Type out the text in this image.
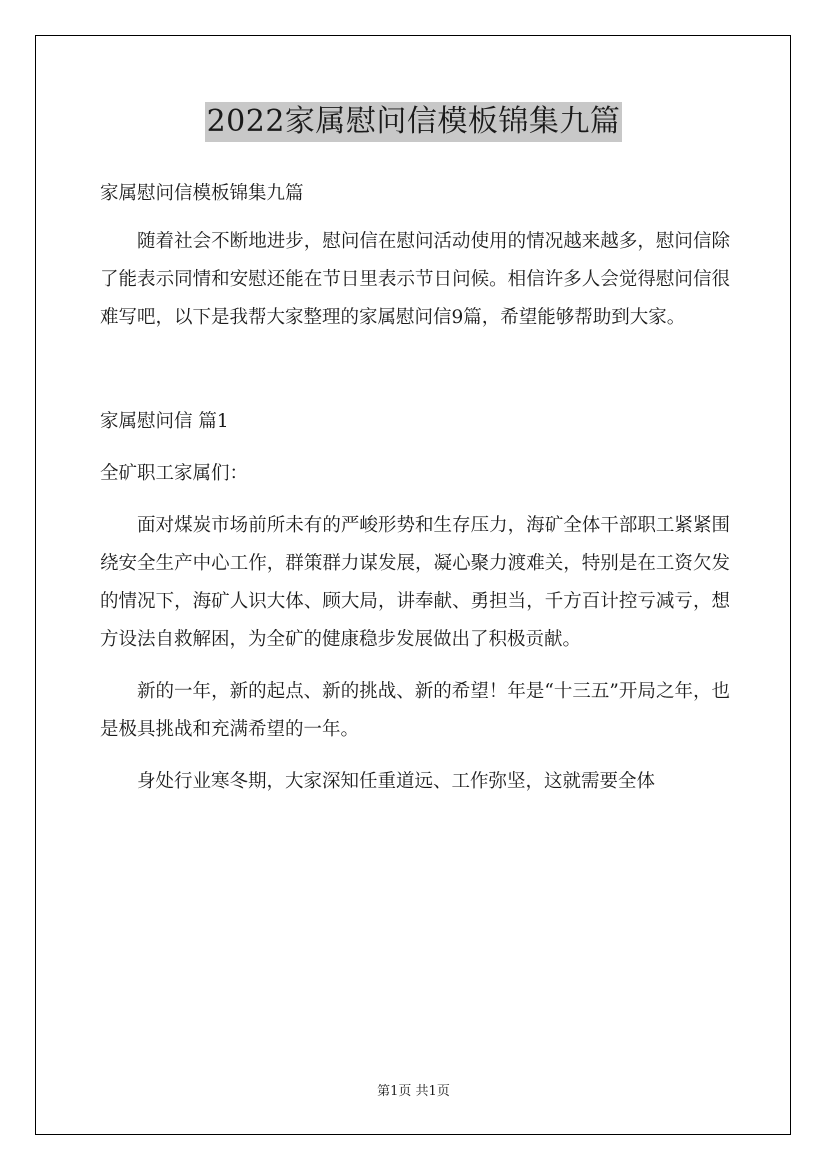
2022家属慰问信模板锦集九篇

家属慰问信模板锦集九篇

随着社会不断地进步，慰问信在慰问活动使用的情况越来越多，慰问信除了能表示同情和安慰还能在节日里表示节日问候。相信许多人会觉得慰问信很难写吧，以下是我帮大家整理的家属慰问信9篇，希望能够帮助到大家。

家属慰问信 篇1

全矿职工家属们：

面对煤炭市场前所未有的严峻形势和生存压力，海矿全体干部职工紧紧围绕安全生产中心工作，群策群力谋发展，凝心聚力渡难关，特别是在工资欠发的情况下，海矿人识大体、顾大局，讲奉献、勇担当，千方百计控亏减亏，想方设法自救解困，为全矿的健康稳步发展做出了积极贡献。

新的一年，新的起点、新的挑战、新的希望！年是“十三五”开局之年，也是极具挑战和充满希望的一年。

身处行业寒冬期，大家深知任重道远、工作弥坚，这就需要全体

第1页 共1页
